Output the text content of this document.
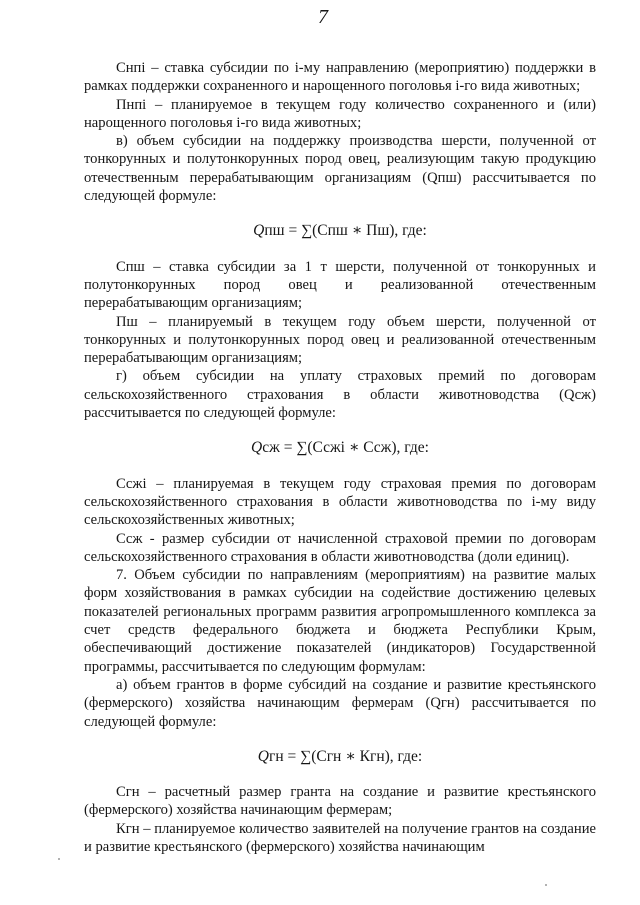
7

Снпi – ставка субсидии по i-му направлению (мероприятию) поддержки в рамках поддержки сохраненного и нарощенного поголовья i-го вида животных;

Пнпi – планируемое в текущем году количество сохраненного и (или) нарощенного поголовья i-го вида животных;

в) объем субсидии на поддержку производства шерсти, полученной от тонкорунных и полутонкорунных пород овец, реализующим такую продукцию отечественным перерабатывающим организациям (Qпш) рассчитывается по следующей формуле:

Qпш = ∑(Спш ∗ Пш), где:

Спш – ставка субсидии за 1 т шерсти, полученной от тонкорунных и полутонкорунных пород овец и реализованной отечественным перерабатывающим организациям;

Пш – планируемый в текущем году объем шерсти, полученной от тонкорунных и полутонкорунных пород овец и реализованной отечественным перерабатывающим организациям;

г) объем субсидии на уплату страховых премий по договорам сельскохозяйственного страхования в области животноводства (Qсж) рассчитывается по следующей формуле:

Qсж = ∑(Ссжi ∗ Ссж), где:

Ссжi – планируемая в текущем году страховая премия по договорам сельскохозяйственного страхования в области животноводства по i-му виду сельскохозяйственных животных;

Ссж - размер субсидии от начисленной страховой премии по договорам сельскохозяйственного страхования в области животноводства (доли единиц).

7. Объем субсидии по направлениям (мероприятиям) на развитие малых форм хозяйствования в рамках субсидии на содействие достижению целевых показателей региональных программ развития агропромышленного комплекса за счет средств федерального бюджета и бюджета Республики Крым, обеспечивающий достижение показателей (индикаторов) Государственной программы, рассчитывается по следующим формулам:

а) объем грантов в форме субсидий на создание и развитие крестьянского (фермерского) хозяйства начинающим фермерам (Qгн) рассчитывается по следующей формуле:

Qгн = ∑(Сгн ∗ Кгн), где:

Сгн – расчетный размер гранта на создание и развитие крестьянского (фермерского) хозяйства начинающим фермерам;

Кгн – планируемое количество заявителей на получение грантов на создание и развитие крестьянского (фермерского) хозяйства начинающим
